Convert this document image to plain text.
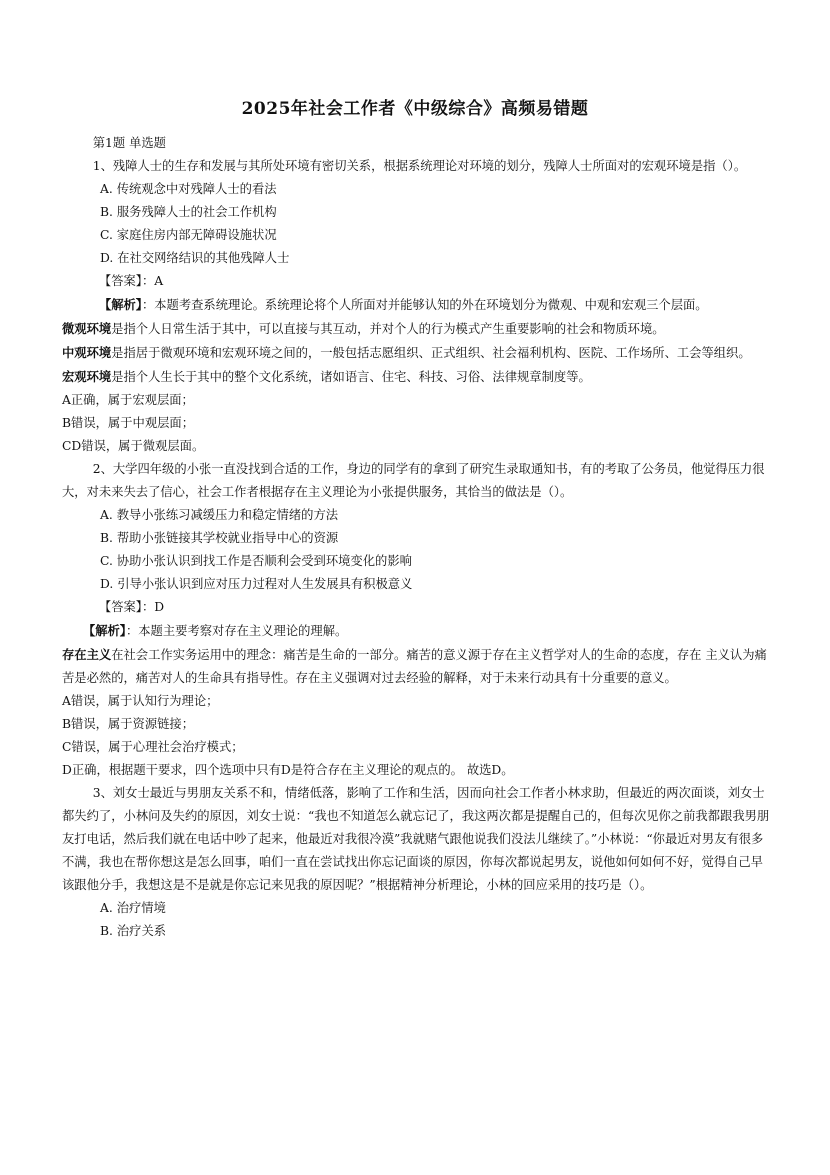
2025年社会工作者《中级综合》高频易错题

第1题 单选题

1、残障人士的生存和发展与其所处环境有密切关系，根据系统理论对环境的划分，残障人士所面对的宏观环境是指（）。

A. 传统观念中对残障人士的看法

B. 服务残障人士的社会工作机构

C. 家庭住房内部无障碍设施状况

D. 在社交网络结识的其他残障人士

【答案】：A

【解析】：本题考查系统理论。系统理论将个人所面对并能够认知的外在环境划分为微观、中观和宏观三个层面。

微观环境是指个人日常生活于其中，可以直接与其互动，并对个人的行为模式产生重要影响的社会和物质环境。

中观环境是指居于微观环境和宏观环境之间的，一般包括志愿组织、正式组织、社会福利机构、医院、工作场所、工会等组织。

宏观环境是指个人生长于其中的整个文化系统，诸如语言、住宅、科技、习俗、法律规章制度等。

A正确，属于宏观层面；

B错误，属于中观层面；

CD错误，属于微观层面。

2、大学四年级的小张一直没找到合适的工作，身边的同学有的拿到了研究生录取通知书，有的考取了公务员，他觉得压力很大，对未来失去了信心，社会工作者根据存在主义理论为小张提供服务，其恰当的做法是（）。

A. 教导小张练习减缓压力和稳定情绪的方法

B. 帮助小张链接其学校就业指导中心的资源

C. 协助小张认识到找工作是否顺利会受到环境变化的影响

D. 引导小张认识到应对压力过程对人生发展具有积极意义

【答案】：D

【解析】：本题主要考察对存在主义理论的理解。

存在主义在社会工作实务运用中的理念：痛苦是生命的一部分。痛苦的意义源于存在主义哲学对人的生命的态度，存在 主义认为痛苦是必然的，痛苦对人的生命具有指导性。存在主义强调对过去经验的解释，对于未来行动具有十分重要的意义。

A错误，属于认知行为理论；

B错误，属于资源链接；

C错误，属于心理社会治疗模式；

D正确，根据题干要求，四个选项中只有D是符合存在主义理论的观点的。 故选D。

3、刘女士最近与男朋友关系不和，情绪低落，影响了工作和生活，因而向社会工作者小林求助，但最近的两次面谈，刘女士都失约了，小林问及失约的原因，刘女士说：“我也不知道怎么就忘记了，我这两次都是提醒自己的，但每次见你之前我都跟我男朋友打电话，然后我们就在电话中吵了起来，他最近对我很冷漠”我就赌气跟他说我们没法儿继续了。”小林说：“你最近对男友有很多不满，我也在帮你想这是怎么回事，咱们一直在尝试找出你忘记面谈的原因，你每次都说起男友，说他如何如何不好，觉得自己早该跟他分手，我想这是不是就是你忘记来见我的原因呢？”根据精神分析理论，小林的回应采用的技巧是（）。

A. 治疗情境

B. 治疗关系
